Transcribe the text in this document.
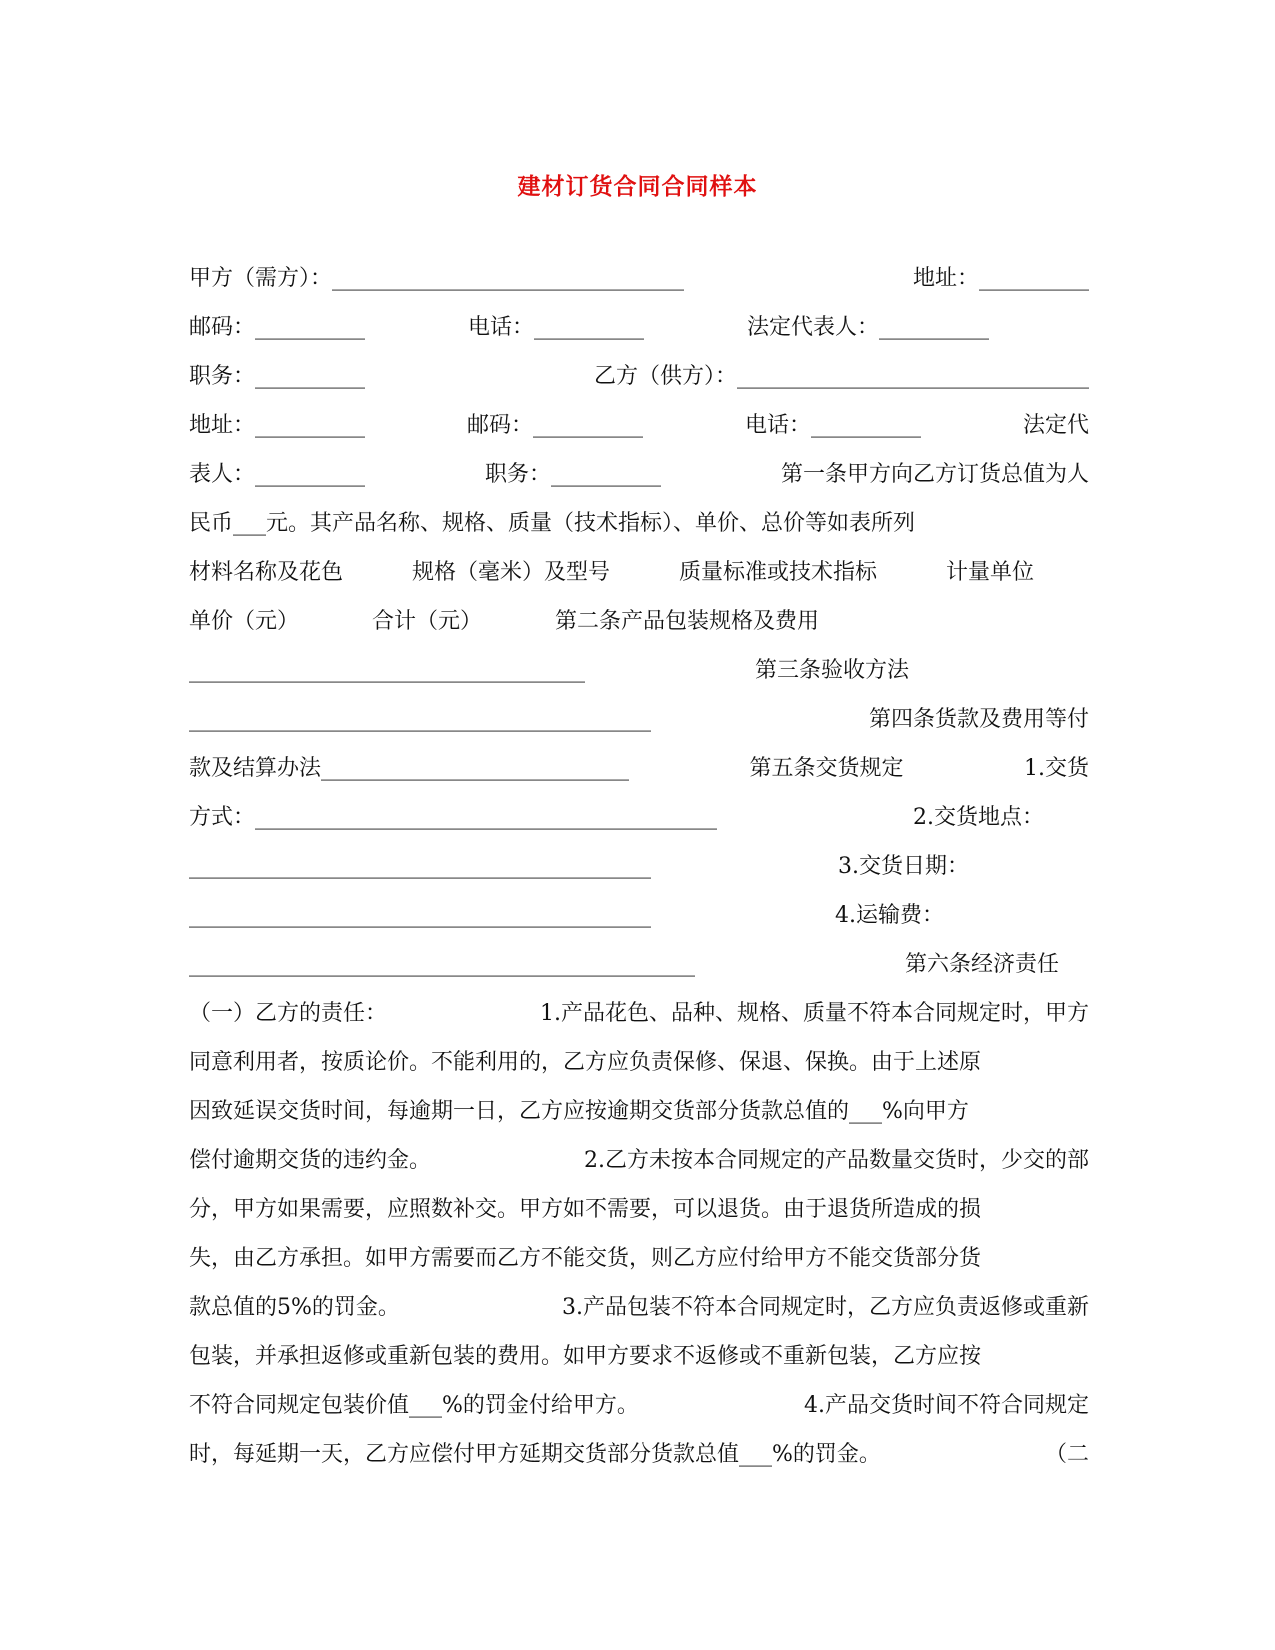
建材订货合同合同样本
甲方（需方）：________________________________	地址：__________
邮码：__________	电话：__________	法定代表人：__________
职务：__________	乙方（供方）：________________________________
地址：__________	邮码：__________	电话：__________	法定代
表人：__________	职务：__________	第一条甲方向乙方订货总值为人
民币___元。其产品名称、规格、质量（技术指标）、单价、总价等如表所列
材料名称及花色	规格（毫米）及型号	质量标准或技术指标	计量单位
单价（元）	合计（元）	第二条产品包装规格及费用
____________________________________	第三条验收方法
__________________________________________	第四条货款及费用等付
款及结算办法____________________________	第五条交货规定	1.交货
方式：__________________________________________	2.交货地点：
__________________________________________	3.交货日期：
__________________________________________	4.运输费：
______________________________________________	第六条经济责任
（一）乙方的责任：	1.产品花色、品种、规格、质量不符本合同规定时，甲方
同意利用者，按质论价。不能利用的，乙方应负责保修、保退、保换。由于上述原
因致延误交货时间，每逾期一日，乙方应按逾期交货部分货款总值的___%向甲方
偿付逾期交货的违约金。	2.乙方未按本合同规定的产品数量交货时，少交的部
分，甲方如果需要，应照数补交。甲方如不需要，可以退货。由于退货所造成的损
失，由乙方承担。如甲方需要而乙方不能交货，则乙方应付给甲方不能交货部分货
款总值的5%的罚金。	3.产品包装不符本合同规定时，乙方应负责返修或重新
包装，并承担返修或重新包装的费用。如甲方要求不返修或不重新包装，乙方应按
不符合同规定包装价值___%的罚金付给甲方。	4.产品交货时间不符合同规定
时，每延期一天，乙方应偿付甲方延期交货部分货款总值___%的罚金。	（二
